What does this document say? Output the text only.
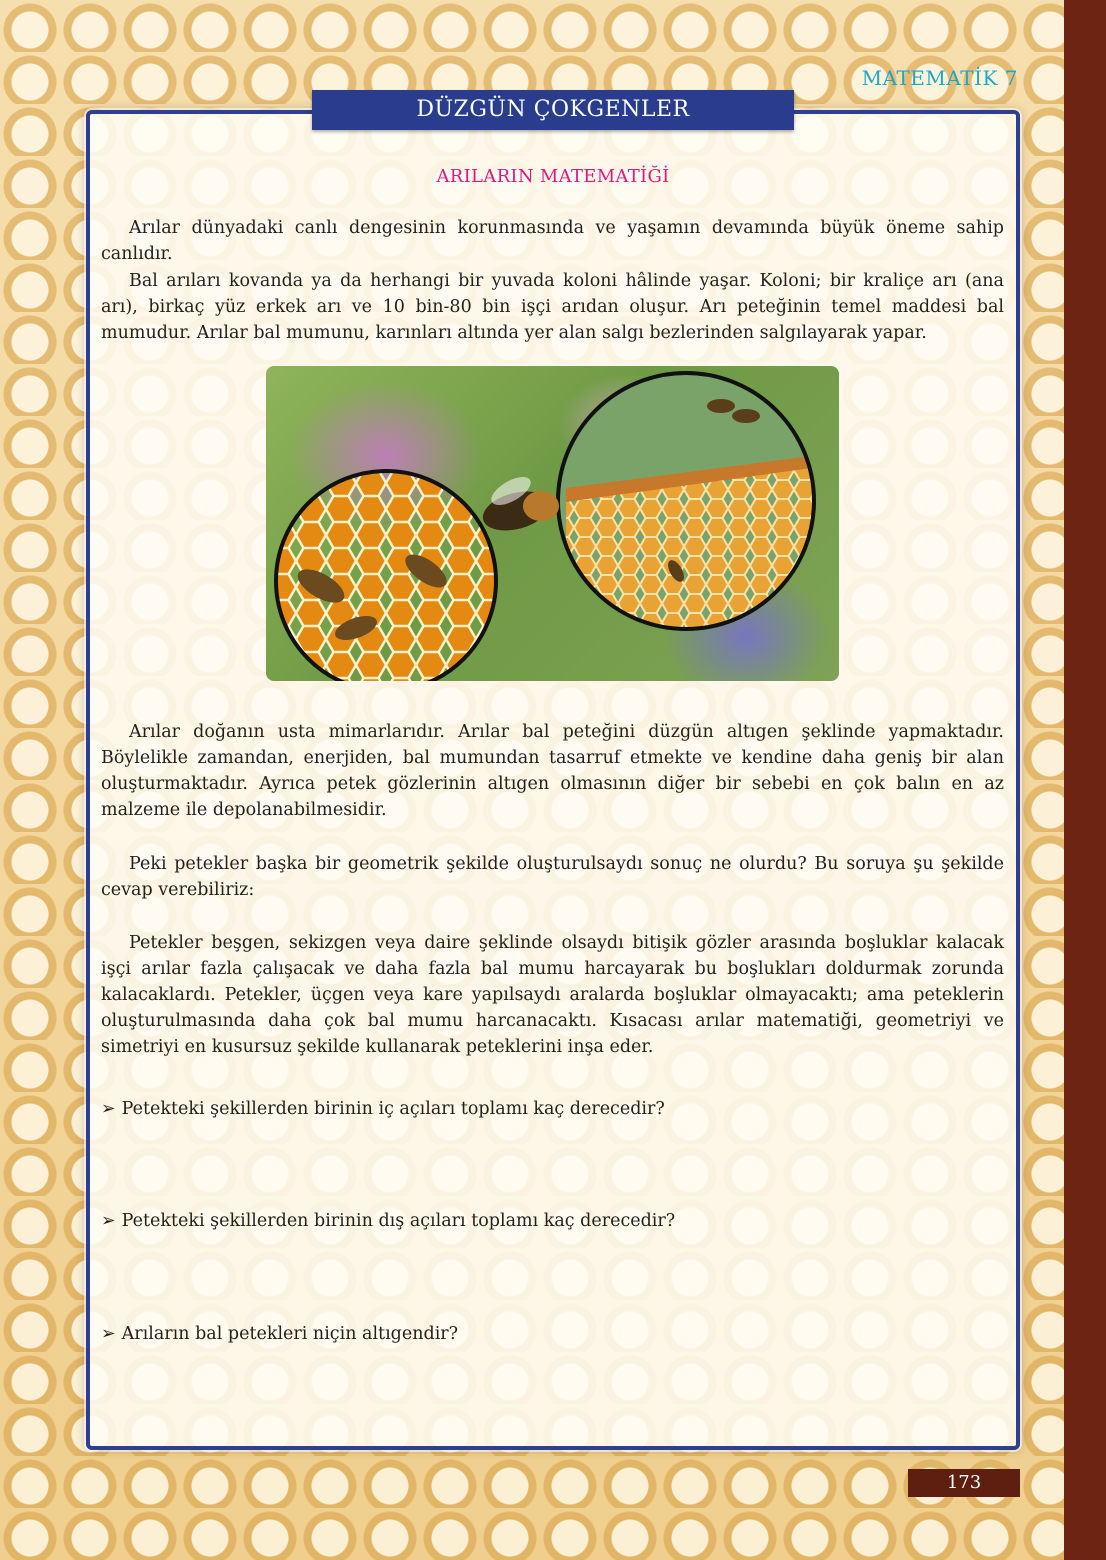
MATEMATİK 7
DÜZGÜN ÇOKGENLER
ARILARIN MATEMATİĞİ

Arılar dünyadaki canlı dengesinin korunmasında ve yaşamın devamında büyük öneme sahip canlıdır.

Bal arıları kovanda ya da herhangi bir yuvada koloni hâlinde yaşar. Koloni; bir kraliçe arı (ana arı), birkaç yüz erkek arı ve 10 bin-80 bin işçi arıdan oluşur. Arı peteğinin temel maddesi bal mumudur. Arılar bal mumunu, karınları altında yer alan salgı bezlerinden salgılayarak yapar.

Arılar doğanın usta mimarlarıdır. Arılar bal peteğini düzgün altıgen şeklinde yapmaktadır. Böylelikle zamandan, enerjiden, bal mumundan tasarruf etmekte ve kendine daha geniş bir alan oluşturmaktadır. Ayrıca petek gözlerinin altıgen olmasının diğer bir sebebi en çok balın en az malzeme ile depolanabilmesidir.

Peki petekler başka bir geometrik şekilde oluşturulsaydı sonuç ne olurdu? Bu soruya şu şekilde cevap verebiliriz:

Petekler beşgen, sekizgen veya daire şeklinde olsaydı bitişik gözler arasında boşluklar kalacak işçi arılar fazla çalışacak ve daha fazla bal mumu harcayarak bu boşlukları doldurmak zorunda kalacaklardı. Petekler, üçgen veya kare yapılsaydı aralarda boşluklar olmayacaktı; ama peteklerin oluşturulmasında daha çok bal mumu harcanacaktı. Kısacası arılar matematiği, geometriyi ve simetriyi en kusursuz şekilde kullanarak peteklerini inşa eder.

➢ Petekteki şekillerden birinin iç açıları toplamı kaç derecedir?

➢ Petekteki şekillerden birinin dış açıları toplamı kaç derecedir?

➢ Arıların bal petekleri niçin altıgendir?

173
